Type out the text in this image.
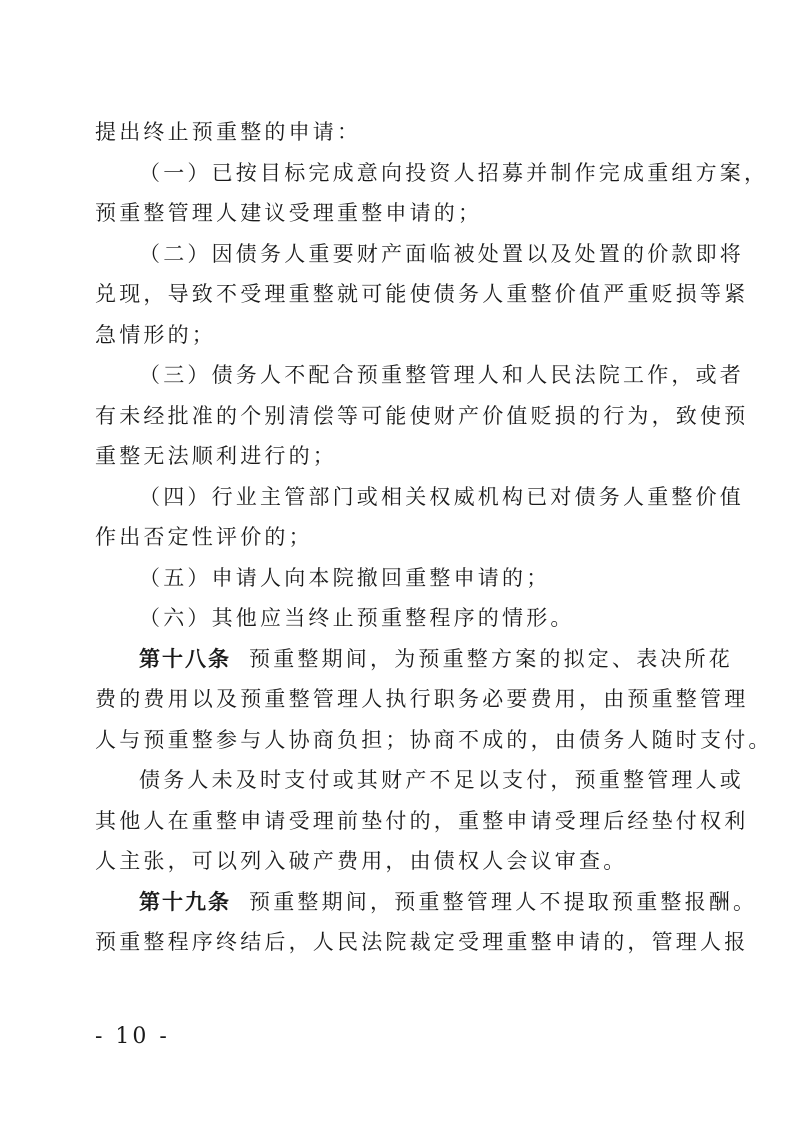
提出终止预重整的申请：
（一）已按目标完成意向投资人招募并制作完成重组方案，
预重整管理人建议受理重整申请的；
（二）因债务人重要财产面临被处置以及处置的价款即将
兑现，导致不受理重整就可能使债务人重整价值严重贬损等紧
急情形的；
（三）债务人不配合预重整管理人和人民法院工作，或者
有未经批准的个别清偿等可能使财产价值贬损的行为，致使预
重整无法顺利进行的；
（四）行业主管部门或相关权威机构已对债务人重整价值
作出否定性评价的；
（五）申请人向本院撤回重整申请的；
（六）其他应当终止预重整程序的情形。
第十八条 预重整期间，为预重整方案的拟定、表决所花
费的费用以及预重整管理人执行职务必要费用，由预重整管理
人与预重整参与人协商负担；协商不成的，由债务人随时支付。
债务人未及时支付或其财产不足以支付，预重整管理人或
其他人在重整申请受理前垫付的，重整申请受理后经垫付权利
人主张，可以列入破产费用，由债权人会议审查。
第十九条 预重整期间，预重整管理人不提取预重整报酬。
预重整程序终结后，人民法院裁定受理重整申请的，管理人报
- 10 -
